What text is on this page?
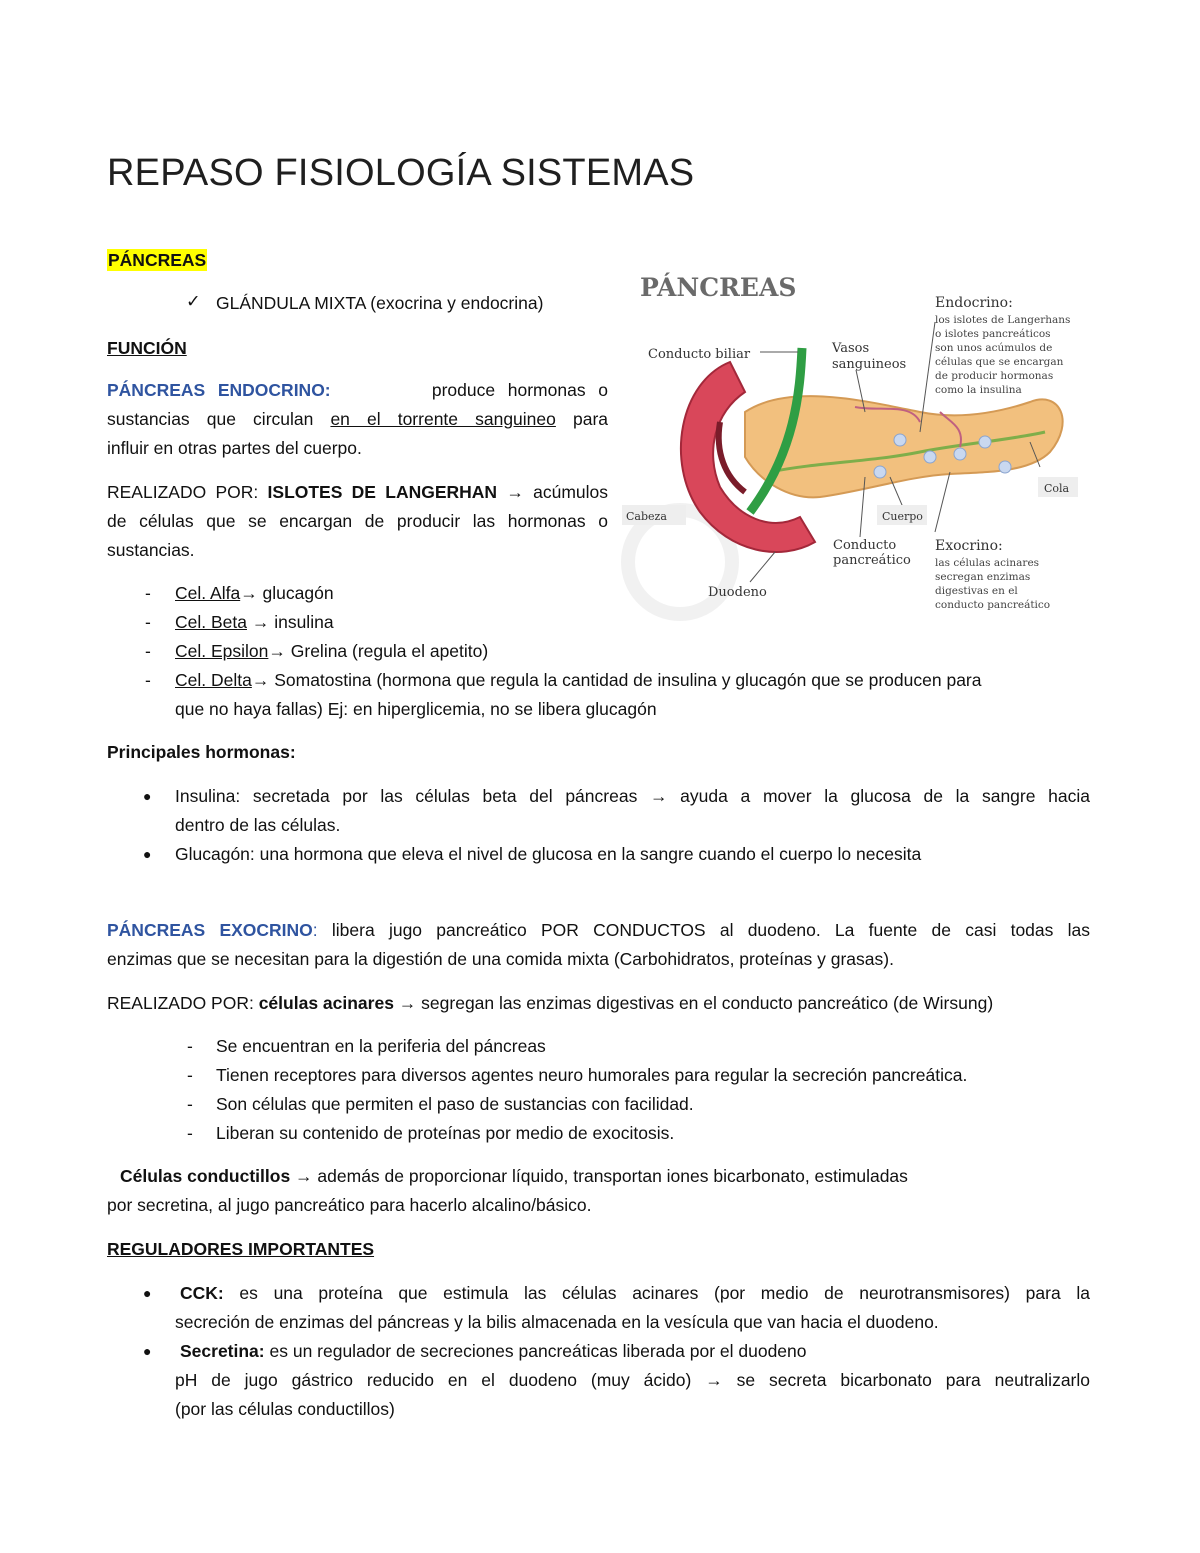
REPASO FISIOLOGÍA SISTEMAS
PÁNCREAS
✓ GLÁNDULA MIXTA (exocrina y endocrina)
FUNCIÓN
PÁNCREAS ENDOCRINO:	produce hormonas o
sustancias que circulan en el torrente sanguineo para
influir en otras partes del cuerpo.
REALIZADO POR: ISLOTES DE LANGERHAN → acúmulos
de células que se encargan de producir las hormonas o
sustancias.
- Cel. Alfa→ glucagón
- Cel. Beta → insulina
- Cel. Epsilon→ Grelina (regula el apetito)
- Cel. Delta→ Somatostina (hormona que regula la cantidad de insulina y glucagón que se producen para
que no haya fallas) Ej: en hiperglicemia, no se libera glucagón
Principales hormonas:
● Insulina: secretada por las células beta del páncreas → ayuda a mover la glucosa de la sangre hacia
dentro de las células.
● Glucagón: una hormona que eleva el nivel de glucosa en la sangre cuando el cuerpo lo necesita
PÁNCREAS EXOCRINO: libera jugo pancreático POR CONDUCTOS al duodeno. La fuente de casi todas las
enzimas que se necesitan para la digestión de una comida mixta (Carbohidratos, proteínas y grasas).
REALIZADO POR: células acinares → segregan las enzimas digestivas en el conducto pancreático (de Wirsung)
- Se encuentran en la periferia del páncreas
- Tienen receptores para diversos agentes neuro humorales para regular la secreción pancreática.
- Son células que permiten el paso de sustancias con facilidad.
- Liberan su contenido de proteínas por medio de exocitosis.
Células conductillos → además de proporcionar líquido, transportan iones bicarbonato, estimuladas
por secretina, al jugo pancreático para hacerlo alcalino/básico.
REGULADORES IMPORTANTES
● CCK: es una proteína que estimula las células acinares (por medio de neurotransmisores) para la
secreción de enzimas del páncreas y la bilis almacenada en la vesícula que van hacia el duodeno.
● Secretina: es un regulador de secreciones pancreáticas liberada por el duodeno
pH de jugo gástrico reducido en el duodeno (muy ácido) → se secreta bicarbonato para neutralizarlo
(por las células conductillos)
PÁNCREAS
Conducto biliar	Vasos
sanguineos
Endocrino:
los islotes de Langerhans
o islotes pancreáticos
son unos acúmulos de
células que se encargan
de producir hormonas
como la insulina
Cola
Cabeza	Cuerpo
Conducto
pancreático
Exocrino:
las células acinares
secregan enzimas
digestivas en el
conducto pancreático
Duodeno
